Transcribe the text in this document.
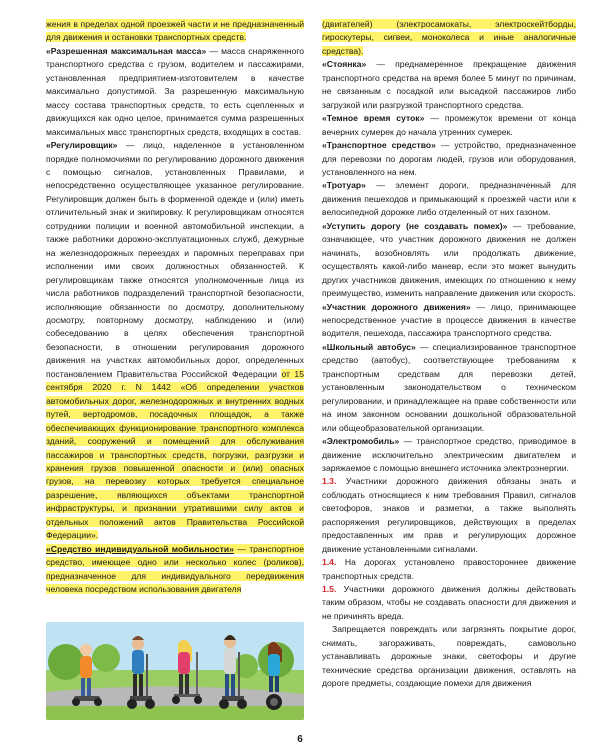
жения в пределах одной проезжей части и не предназначенный для движения и остановки транспортных средств.

«Разрешенная максимальная масса» — масса снаряженного транспортного средства с грузом, водителем и пассажирами, установленная предприятием-изготовителем в качестве максимально допустимой. За разрешенную максимальную массу состава транспортных средств, то есть сцепленных и движущихся как одно целое, принимается сумма разрешенных максимальных масс транспортных средств, входящих в состав.

«Регулировщик» — лицо, наделенное в установленном порядке полномочиями по регулированию дорожного движения с помощью сигналов, установленных Правилами, и непосредственно осуществляющее указанное регулирование. Регулировщик должен быть в форменной одежде и (или) иметь отличительный знак и экипировку. К регулировщикам относятся сотрудники полиции и военной автомобильной инспекции, а также работники дорожно-эксплуатационных служб, дежурные на железнодорожных переездах и паромных переправах при исполнении ими своих должностных обязанностей. К регулировщикам также относятся уполномоченные лица из числа работников подразделений транспортной безопасности, исполняющие обязанности по досмотру, дополнительному досмотру, повторному досмотру, наблюдению и (или) собеседованию в целях обеспечения транспортной безопасности, в отношении регулирования дорожного движения на участках автомобильных дорог, определенных постановлением Правительства Российской Федерации от 15 сентября 2020 г. N 1442 «Об определении участков автомобильных дорог, железнодорожных и внутренних водных путей, вертодромов, посадочных площадок, а также обеспечивающих функционирование транспортного комплекса зданий, сооружений и помещений для обслуживания пассажиров и транспортных средств, погрузки, разгрузки и хранения грузов повышенной опасности и (или) опасных грузов, на перевозку которых требуется специальное разрешение, являющихся объектами транспортной инфраструктуры, и признании утратившими силу актов и отдельных положений актов Правительства Российской Федерации».

«Средство индивидуальной мобильности» — транспортное средство, имеющее одно или несколько колес (роликов), предназначенное для индивидуального передвижения человека посредством использования двигателя

(двигателей) (электросамокаты, электроскейтборды, гироскутеры, сигвеи, моноколеса и иные аналогичные средства).

«Стоянка» — преднамеренное прекращение движения транспортного средства на время более 5 минут по причинам, не связанным с посадкой или высадкой пассажиров либо загрузкой или разгрузкой транспортного средства.

«Темное время суток» — промежуток времени от конца вечерних сумерек до начала утренних сумерек.

«Транспортное средство» — устройство, предназначенное для перевозки по дорогам людей, грузов или оборудования, установленного на нем.

«Тротуар» — элемент дороги, предназначенный для движения пешеходов и примыкающий к проезжей части или к велосипедной дорожке либо отделенный от них газоном.

«Уступить дорогу (не создавать помех)» — требование, означающее, что участник дорожного движения не должен начинать, возобновлять или продолжать движение, осуществлять какой-либо маневр, если это может вынудить других участников движения, имеющих по отношению к нему преимущество, изменить направление движения или скорость.

«Участник дорожного движения» — лицо, принимающее непосредственное участие в процессе движения в качестве водителя, пешехода, пассажира транспортного средства.

«Школьный автобус» — специализированное транспортное средство (автобус), соответствующее требованиям к транспортным средствам для перевозки детей, установленным законодательством о техническом регулировании, и принадлежащее на праве собственности или на ином законном основании дошкольной образовательной или общеобразовательной организации.

«Электромобиль» — транспортное средство, приводимое в движение исключительно электрическим двигателем и заряжаемое с помощью внешнего источника электроэнергии.

1.3. Участники дорожного движения обязаны знать и соблюдать относящиеся к ним требования Правил, сигналов светофоров, знаков и разметки, а также выполнять распоряжения регулировщиков, действующих в пределах предоставленных им прав и регулирующих дорожное движение установленными сигналами.

1.4. На дорогах установлено правостороннее движение транспортных средств.

1.5. Участники дорожного движения должны действовать таким образом, чтобы не создавать опасности для движения и не причинять вреда.

Запрещается повреждать или загрязнять покрытие дорог, снимать, загораживать, повреждать, самовольно устанавливать дорожные знаки, светофоры и другие технические средства организации движения, оставлять на дороге предметы, создающие помехи для движения

6
